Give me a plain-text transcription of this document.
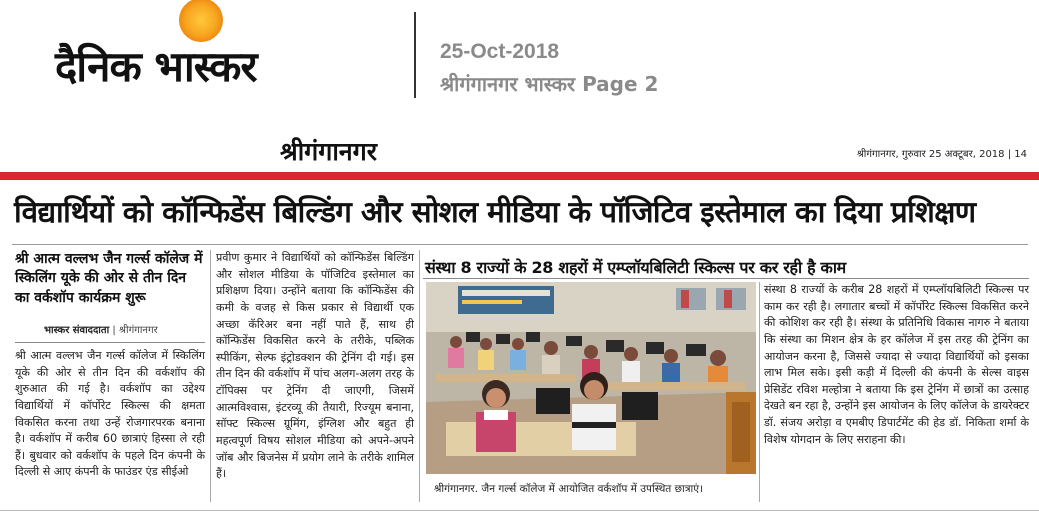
दैनिक भास्कर	25-Oct-2018
श्रीगंगानगर भास्कर Page 2
श्रीगंगानगर	श्रीगंगानगर, गुरुवार 25 अक्टूबर, 2018 | 14
विद्यार्थियों को कॉन्फिडेंस बिल्डिंग और सोशल मीडिया के पॉजिटिव इस्तेमाल का दिया प्रशिक्षण
श्री आत्म वल्लभ जैन गर्ल्स कॉलेज में स्किलिंग यूके की ओर से तीन दिन का वर्कशॉप कार्यक्रम शुरू
भास्कर संवाददाता | श्रीगंगानगर
श्री आत्म वल्लभ जैन गर्ल्स कॉलेज में स्किलिंग यूके की ओर से तीन दिन की वर्कशॉप की शुरुआत की गई है। वर्कशॉप का उद्देश्य विद्यार्थियों में कॉर्पोरेट स्किल्स की क्षमता विकसित करना तथा उन्हें रोजगारपरक बनाना है। वर्कशॉप में करीब 60 छात्राएं हिस्सा ले रही हैं। बुधवार को वर्कशॉप के पहले दिन कंपनी के दिल्ली से आए कंपनी के फाउंडर एंड सीईओ
प्रवीण कुमार ने विद्यार्थियों को कॉन्फिडेंस बिल्डिंग और सोशल मीडिया के पॉजिटिव इस्तेमाल का प्रशिक्षण दिया। उन्होंने बताया कि कॉन्फिडेंस की कमी के वजह से किस प्रकार से विद्यार्थी एक अच्छा कॅरिअर बना नहीं पाते हैं, साथ ही कॉन्फिडेंस विकसित करने के तरीके, पब्लिक स्पीकिंग, सेल्फ इंट्रोडक्शन की ट्रेनिंग दी गई। इस तीन दिन की वर्कशॉप में पांच अलग-अलग तरह के टॉपिक्स पर ट्रेनिंग दी जाएगी, जिसमें आत्मविश्वास, इंटरव्यू की तैयारी, रिज्यूम बनाना, सॉफ्ट स्किल्स ग्रूमिंग, इंग्लिश और बहुत ही महत्वपूर्ण विषय सोशल मीडिया को अपने-अपने जॉब और बिजनेस में प्रयोग लाने के तरीके शामिल हैं।
संस्था 8 राज्यों के 28 शहरों में एम्प्लॉयबिलिटी स्किल्स पर कर रही है काम
श्रीगंगानगर. जैन गर्ल्स कॉलेज में आयोजित वर्कशॉप में उपस्थित छात्राएं।
संस्था 8 राज्यों के करीब 28 शहरों में एम्प्लॉयबिलिटी स्किल्स पर काम कर रही है। लगातार बच्चों में कॉर्पोरेट स्किल्स विकसित करने की कोशिश कर रही है। संस्था के प्रतिनिधि विकास नागरु ने बताया कि संस्था का मिशन क्षेत्र के हर कॉलेज में इस तरह की ट्रेनिंग का आयोजन करना है, जिससे ज्यादा से ज्यादा विद्यार्थियों को इसका लाभ मिल सके। इसी कड़ी में दिल्ली की कंपनी के सेल्स वाइस प्रेसिडेंट रविश मल्होत्रा ने बताया कि इस ट्रेनिंग में छात्रों का उत्साह देखते बन रहा है, उन्होंने इस आयोजन के लिए कॉलेज के डायरेक्टर डॉ. संजय अरोड़ा व एमबीए डिपार्टमेंट की हेड डॉ. निकिता शर्मा के विशेष योगदान के लिए सराहना की।
